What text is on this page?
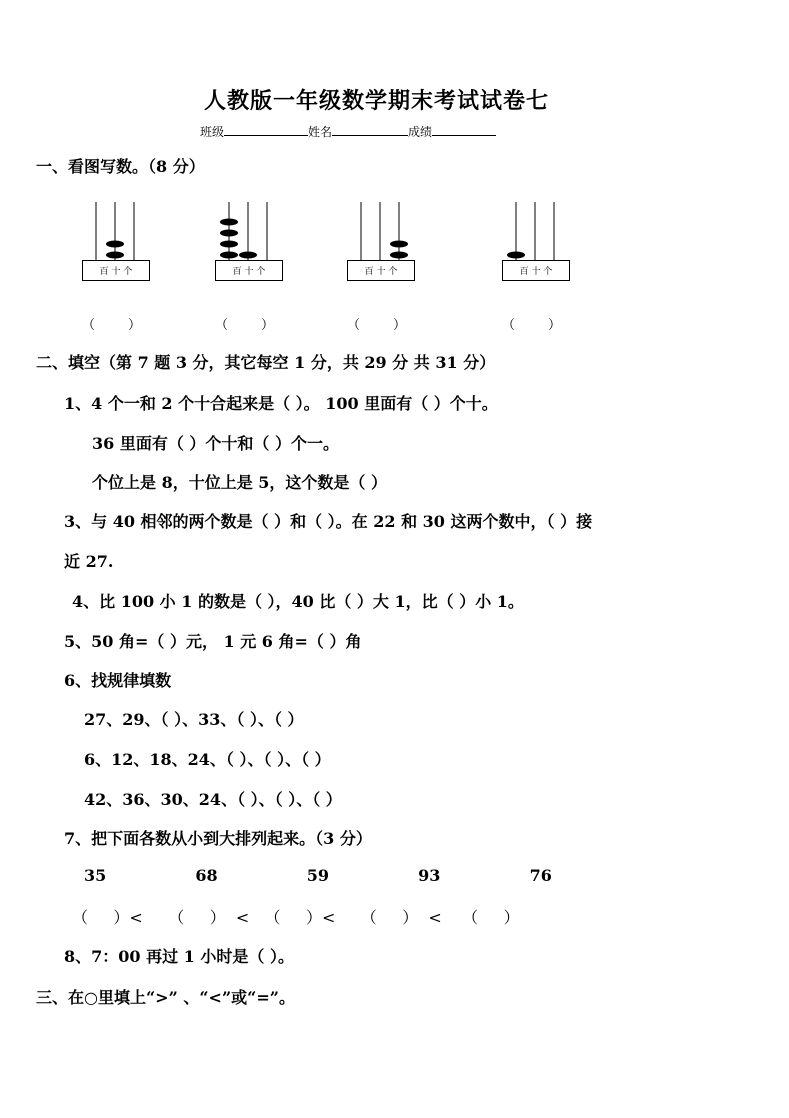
人教版一年级数学期末考试试卷七
班级	姓名	成绩
一、看图写数。（8 分）
百 十 个
（        ）
百 十 个
（        ）
百 十 个
（        ）
百 十 个
（        ）
二、填空（第 7 题 3 分，其它每空 1 分，共 29 分 共 31 分）
1、4 个一和 2 个十合起来是（ ）。 100 里面有（ ）个十。
36 里面有（ ）个十和（ ）个一。
个位上是 8，十位上是 5，这个数是（ ）
3、与 40 相邻的两个数是（ ）和（ ）。在 22 和 30 这两个数中，（ ）接
近 27.
4、比 100 小 1 的数是（ ），40 比（ ）大 1，比（ ）小 1。
5、50 角=（ ）元， 1 元 6 角=（ ）角
6、找规律填数
27、29、（ ）、33、（ ）、（ ）
6、12、18、24、（ ）、（ ）、（ ）
42、36、30、24、（ ）、（ ）、（ ）
7、把下面各数从小到大排列起来。（3 分）
35                68                59                93                76
（     ）<     （     ）  <   （     ）<     （     ）  <    （     ）
8、7：00 再过 1 小时是（ ）。
三、在○里填上“>” 、“<”或“=”。
